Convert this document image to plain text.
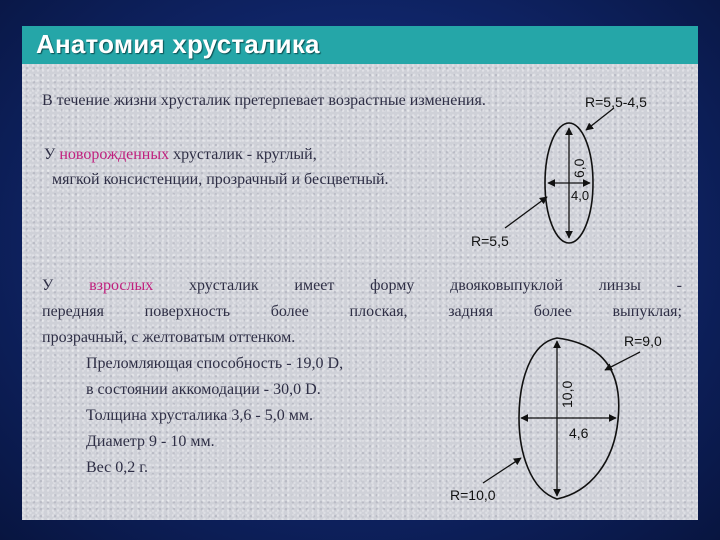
Анатомия хрусталика
В течение жизни хрусталик претерпевает возрастные изменения.
У новорожденных хрусталик - круглый,
мягкой консистенции, прозрачный и бесцветный.
У взрослых хрусталик имеет форму двояковыпуклой линзы -
передняя	поверхность	более	плоская,	задняя	более	выпуклая;
прозрачный, с желтоватым оттенком.
Преломляющая способность - 19,0 D,
в состоянии аккомодации - 30,0 D.
Толщина хрусталика 3,6 - 5,0 мм.
Диаметр 9 - 10 мм.
Вес 0,2 г.
R=5,5-4,5
6,0
4,0
R=5,5
R=9,0
10,0
4,6
R=10,0
